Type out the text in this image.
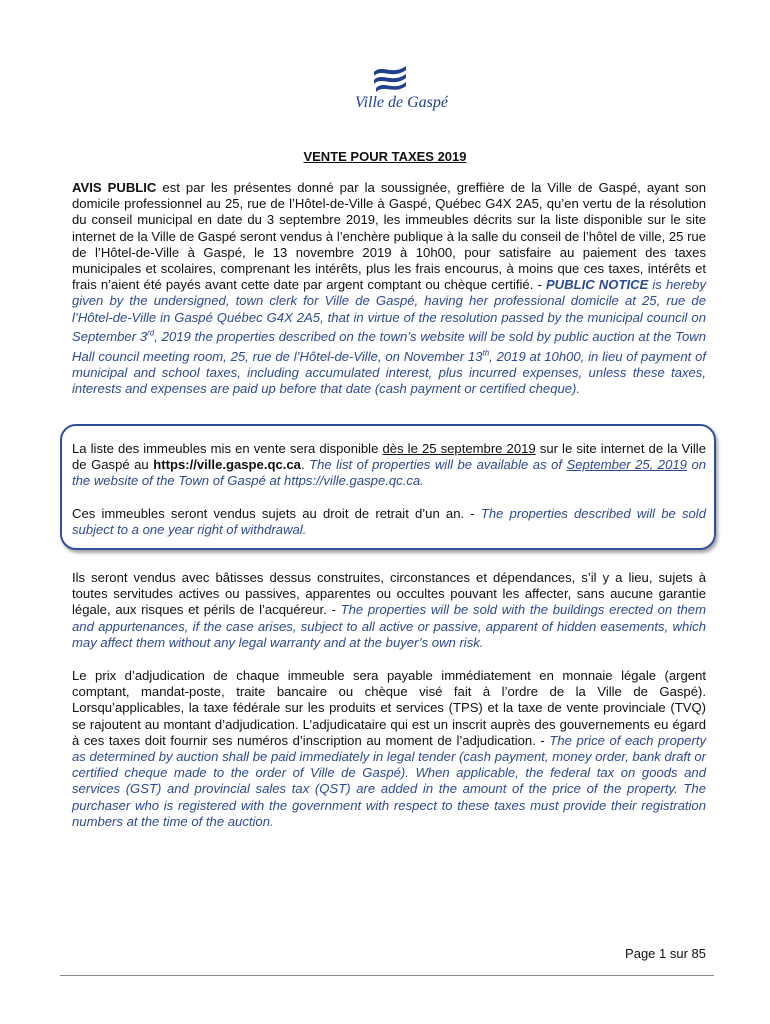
Ville de Gaspé
VENTE POUR TAXES 2019
AVIS PUBLIC est par les présentes donné par la soussignée, greffière de la Ville de Gaspé, ayant son domicile professionnel au 25, rue de l’Hôtel-de-Ville à Gaspé, Québec G4X 2A5, qu’en vertu de la résolution du conseil municipal en date du 3 septembre 2019, les immeubles décrits sur la liste disponible sur le site internet de la Ville de Gaspé seront vendus à l’enchère publique à la salle du conseil de l’hôtel de ville, 25 rue de l’Hôtel-de-Ville à Gaspé, le 13 novembre 2019 à 10h00, pour satisfaire au paiement des taxes municipales et scolaires, comprenant les intérêts, plus les frais encourus, à moins que ces taxes, intérêts et frais n’aient été payés avant cette date par argent comptant ou chèque certifié. - PUBLIC NOTICE is hereby given by the undersigned, town clerk for Ville de Gaspé, having her professional domicile at 25, rue de l’Hôtel-de-Ville in Gaspé Québec G4X 2A5, that in virtue of the resolution passed by the municipal council on September 3rd, 2019 the properties described on the town’s website will be sold by public auction at the Town Hall council meeting room, 25, rue de l’Hôtel-de-Ville, on November 13th, 2019 at 10h00, in lieu of payment of municipal and school taxes, including accumulated interest, plus incurred expenses, unless these taxes, interests and expenses are paid up before that date (cash payment or certified cheque).
La liste des immeubles mis en vente sera disponible dès le 25 septembre 2019 sur le site internet de la Ville de Gaspé au https://ville.gaspe.qc.ca. The list of properties will be available as of September 25, 2019 on the website of the Town of Gaspé at https://ville.gaspe.qc.ca.
Ces immeubles seront vendus sujets au droit de retrait d’un an. - The properties described will be sold subject to a one year right of withdrawal.
Ils seront vendus avec bâtisses dessus construites, circonstances et dépendances, s’il y a lieu, sujets à toutes servitudes actives ou passives, apparentes ou occultes pouvant les affecter, sans aucune garantie légale, aux risques et périls de l’acquéreur. - The properties will be sold with the buildings erected on them and appurtenances, if the case arises, subject to all active or passive, apparent of hidden easements, which may affect them without any legal warranty and at the buyer’s own risk.
Le prix d’adjudication de chaque immeuble sera payable immédiatement en monnaie légale (argent comptant, mandat-poste, traite bancaire ou chèque visé fait à l’ordre de la Ville de Gaspé). Lorsqu’applicables, la taxe fédérale sur les produits et services (TPS) et la taxe de vente provinciale (TVQ) se rajoutent au montant d’adjudication. L’adjudicataire qui est un inscrit auprès des gouvernements eu égard à ces taxes doit fournir ses numéros d’inscription au moment de l’adjudication. - The price of each property as determined by auction shall be paid immediately in legal tender (cash payment, money order, bank draft or certified cheque made to the order of Ville de Gaspé). When applicable, the federal tax on goods and services (GST) and provincial sales tax (QST) are added in the amount of the price of the property. The purchaser who is registered with the government with respect to these taxes must provide their registration numbers at the time of the auction.
Page 1 sur 85
